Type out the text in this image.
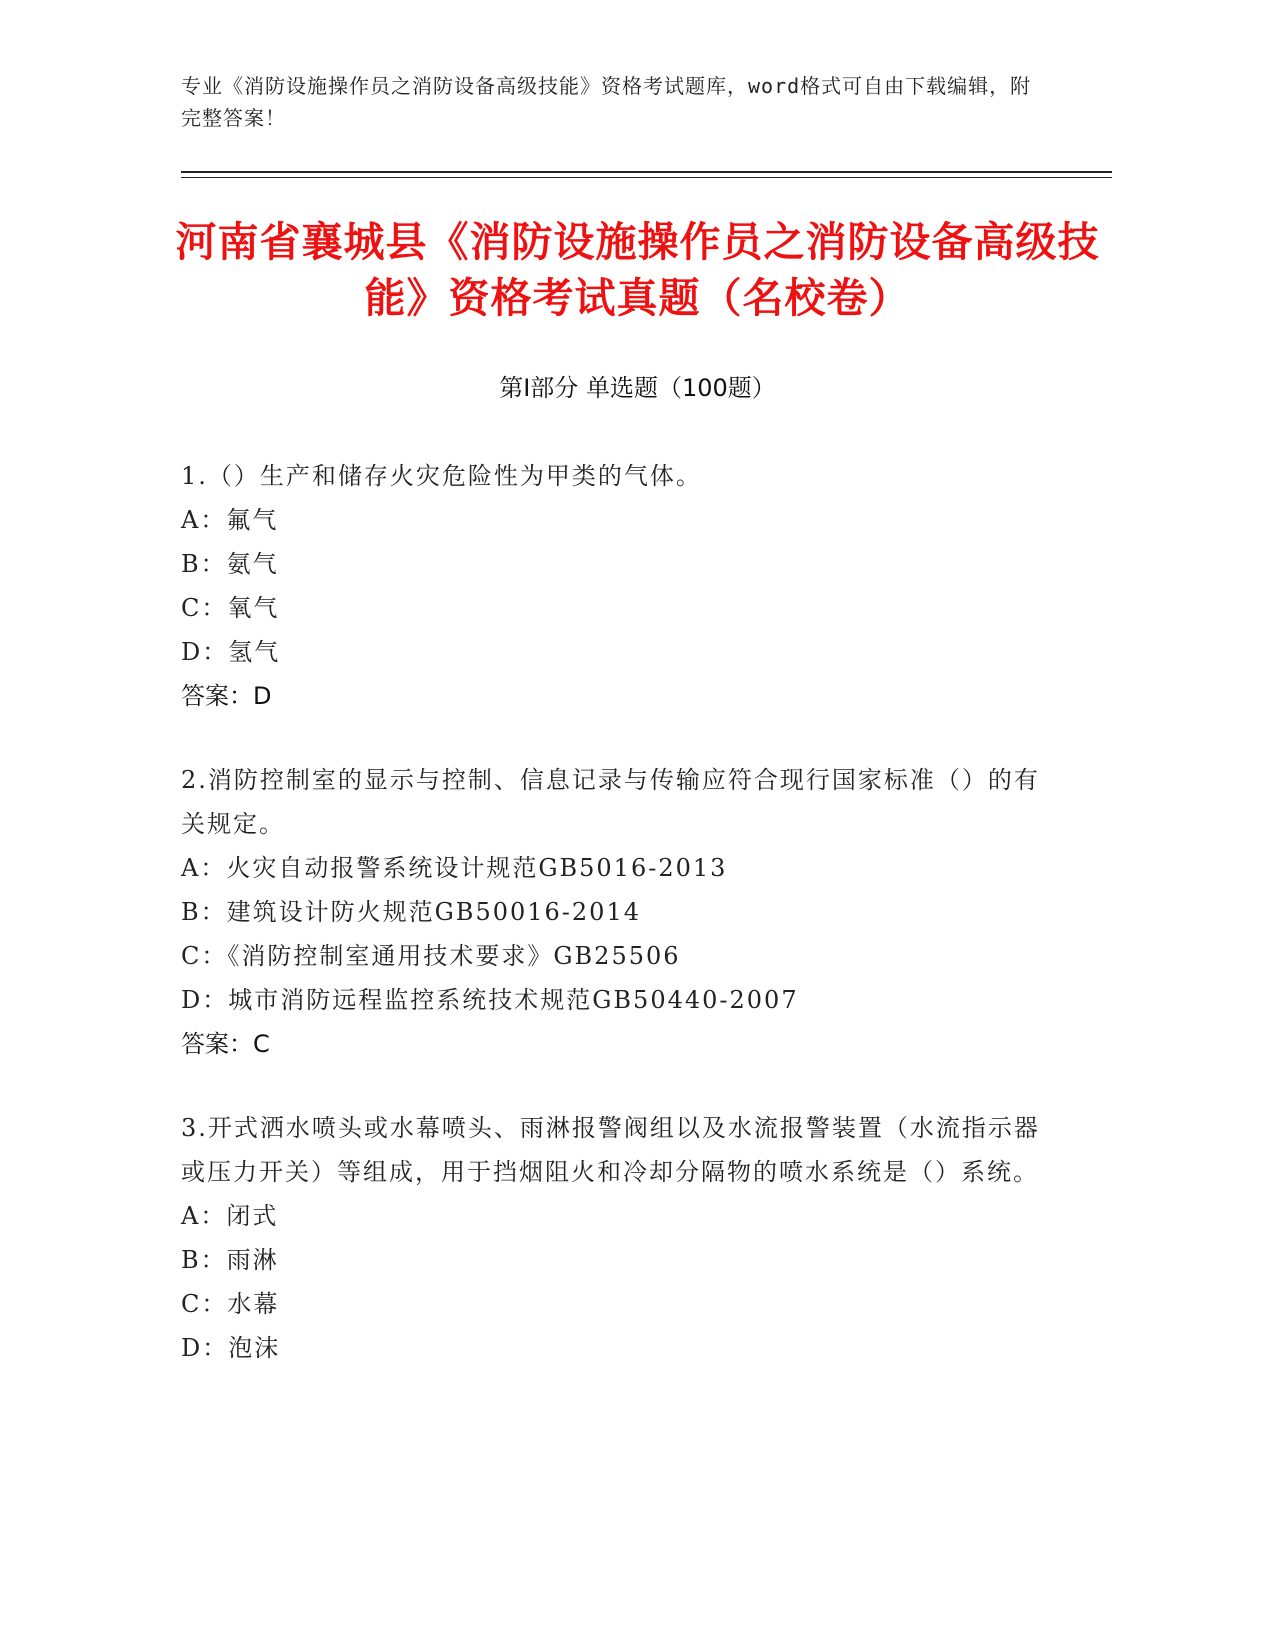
专业《消防设施操作员之消防设备高级技能》资格考试题库，word格式可自由下载编辑，附完整答案！
河南省襄城县《消防设施操作员之消防设备高级技能》资格考试真题（名校卷）
第Ⅰ部分 单选题（100题）
1.（）生产和储存火灾危险性为甲类的气体。
A：氟气
B：氨气
C：氧气
D：氢气
答案：D
2.消防控制室的显示与控制、信息记录与传输应符合现行国家标准（）的有关规定。
A：火灾自动报警系统设计规范GB5016-2013
B：建筑设计防火规范GB50016-2014
C：《消防控制室通用技术要求》GB25506
D：城市消防远程监控系统技术规范GB50440-2007
答案：C
3.开式洒水喷头或水幕喷头、雨淋报警阀组以及水流报警装置（水流指示器或压力开关）等组成，用于挡烟阻火和冷却分隔物的喷水系统是（）系统。
A：闭式
B：雨淋
C：水幕
D：泡沫
